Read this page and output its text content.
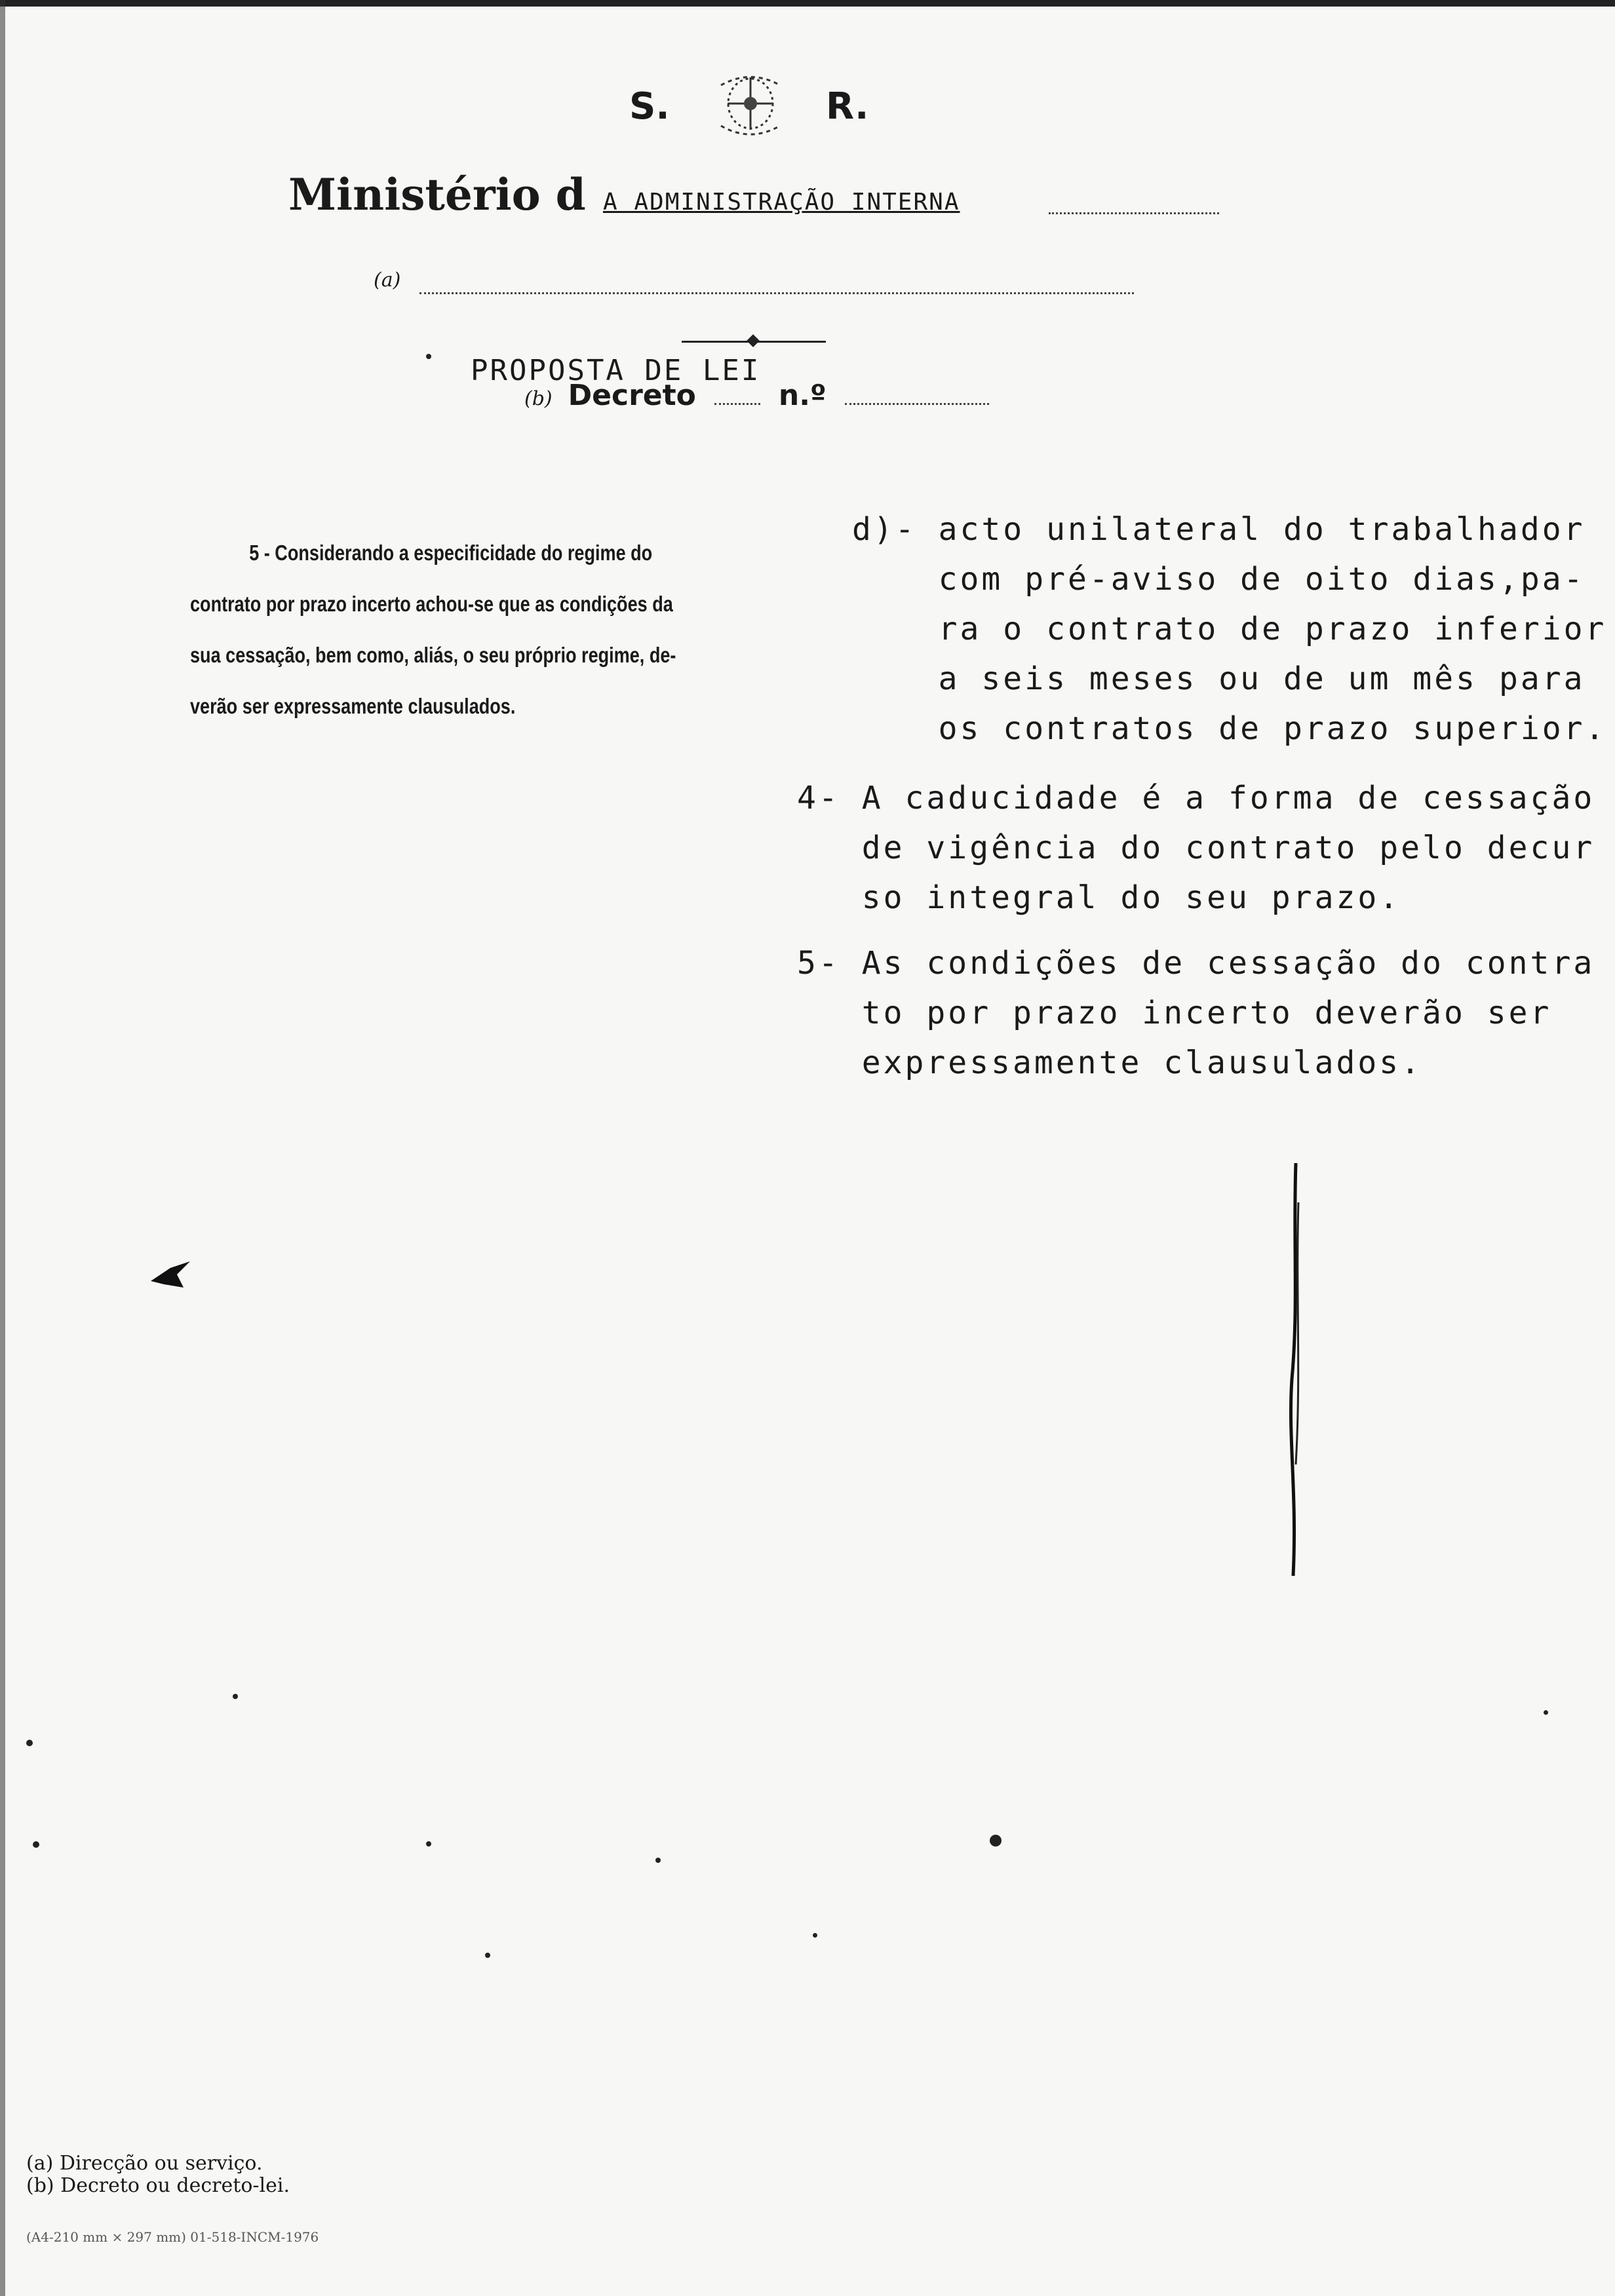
S.	R.
Ministério d A ADMINISTRAÇÃO INTERNA
(a)
PROPOSTA DE LEI
(b) Decreto	n.º
5 - Considerando a especificidade do regime do
contrato por prazo incerto achou-se que as condições da
sua cessação, bem como, aliás, o seu próprio regime, de-
verão ser expressamente clausulados.
d)- acto unilateral do trabalhador
com pré-aviso de oito dias,pa-
ra o contrato de prazo inferior
a seis meses ou de um mês para
os contratos de prazo superior.
4- A caducidade é a forma de cessação
de vigência do contrato pelo decur
so integral do seu prazo.
5- As condições de cessação do contra
to por prazo incerto deverão ser
expressamente clausulados.
(a) Direcção ou serviço.
(b) Decreto ou decreto-lei.
(A4-210 mm × 297 mm) 01-518-INCM-1976
